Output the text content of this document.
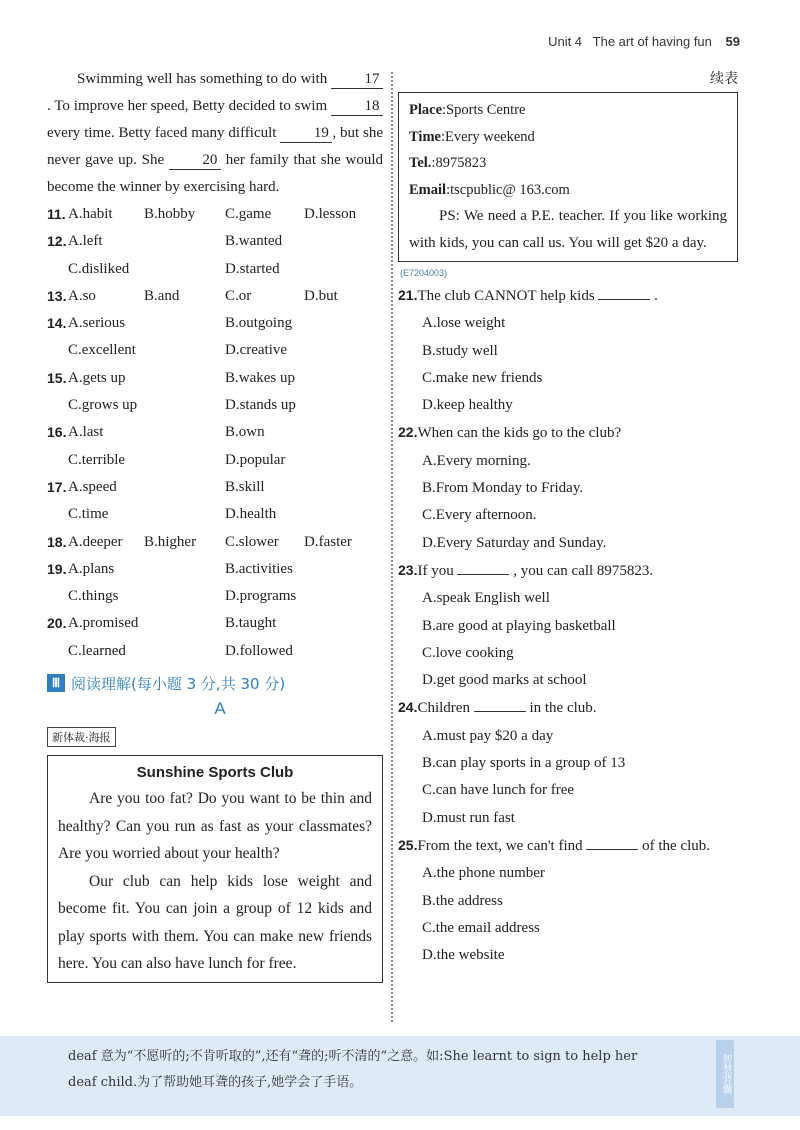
Unit 4 The art of having fun 59

Swimming well has something to do with 17. To improve her speed, Betty decided to swim 18 every time. Betty faced many difficult 19 , but she never gave up. She	20 her family that she would become the winner by exercising hard.

11. A.habit B.hobby C.game D.lesson
12. A.left	B.wanted
C.disliked	D.started
13. A.so	B.and	C.or	D.but
14. A.serious	B.outgoing
C.excellent	D.creative
15. A.gets up	B.wakes up
C.grows up	D.stands up
16. A.last	B.own
C.terrible	D.popular
17. A.speed	B.skill
C.time	D.health
18. A.deeper B.higher C.slower D.faster
19. A.plans	B.activities
C.things	D.programs
20. A.promised	B.taught
C.learned	D.followed
Ⅲ 阅读理解(每小题 3 分,共 30 分)
A
新体裁·海报
Sunshine Sports Club

Are you too fat? Do you want to be thin and healthy? Can you run as fast as your classmates? Are you worried about your health?

Our club can help kids lose weight and become fit. You can join a group of 12 kids and play sports with them. You can make new friends here. You can also have lunch for free.

续表
Place:Sports Centre
Time:Every weekend
Tel.:8975823
Email:tscpublic@ 163.com

PS: We need a P.E. teacher. If you like working with kids, you can call us. You will get $20 a day.

(E7204003)
21.The club CANNOT help kids	.
A.lose weight
B.study well
C.make new friends
D.keep healthy
22.When can the kids go to the club?
A.Every morning.
B.From Monday to Friday.
C.Every afternoon.
D.Every Saturday and Sunday.
23.If you	, you can call 8975823.
A.speak English well
B.are good at playing basketball
C.love cooking
D.get good marks at school
24.Children	in the club.
A.must pay $20 a day
B.can play sports in a group of 13
C.can have lunch for free
D.must run fast
25.From the text, we can't find	of the club.
A.the phone number
B.the address
C.the email address
D.the website
deaf 意为“不愿听的;不肯听取的”,还有“聋的;听不清的”之意。如:She learnt to sign to help her
deaf child.为了帮助她耳聋的孩子,她学会了手语。	智慧背囊
